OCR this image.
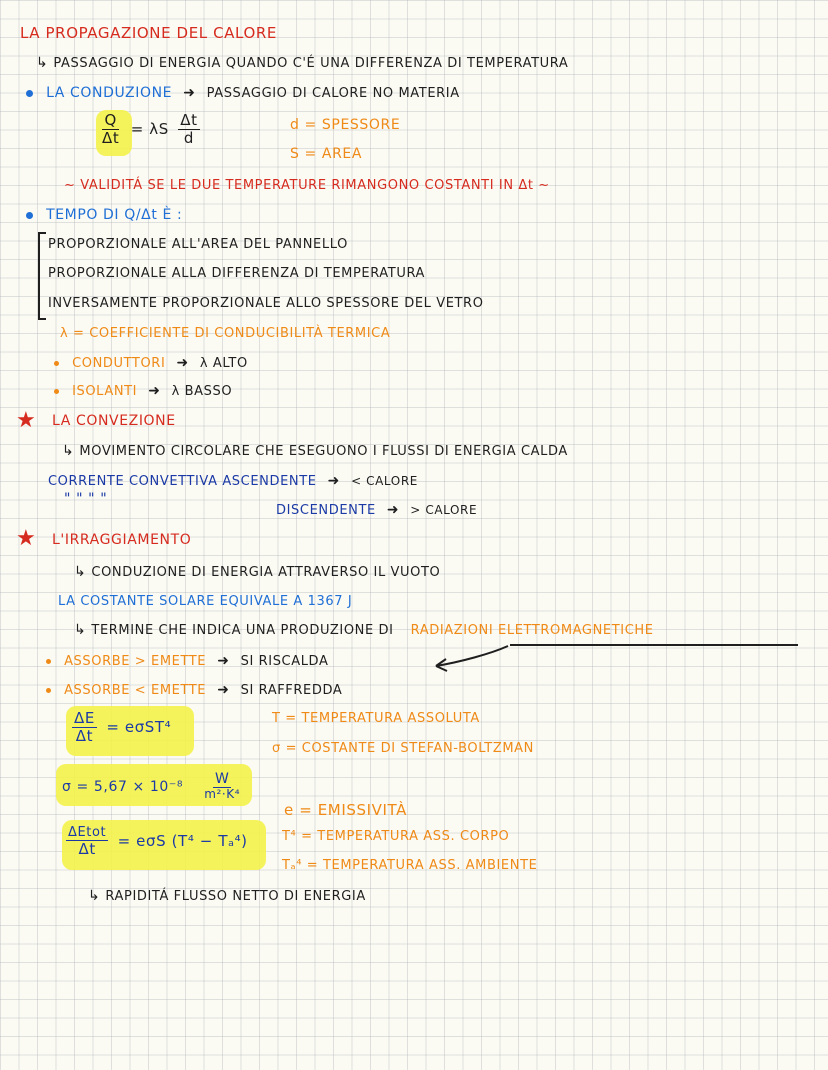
LA PROPAGAZIONE DEL CALORE
↳ PASSAGGIO DI ENERGIA QUANDO C'É UNA DIFFERENZA DI TEMPERATURA
LA CONDUZIONE ➜ PASSAGGIO DI CALORE NO MATERIA
$\frac{Q}{\Delta t} = \lambda S \frac{\Delta t}{d}$	d = SPESSORE
S = AREA
~ VALIDITÁ SE LE DUE TEMPERATURE RIMANGONO COSTANTI IN Δt ~
TEMPO DI Q/Δt È :
PROPORZIONALE ALL'AREA DEL PANNELLO
PROPORZIONALE ALLA DIFFERENZA DI TEMPERATURA
INVERSAMENTE PROPORZIONALE ALLO SPESSORE DEL VETRO
λ = COEFFICIENTE DI CONDUCIBILITÀ TERMICA
CONDUTTORI ➜ λ ALTO
ISOLANTI ➜ λ BASSO
★ LA CONVEZIONE
↳ MOVIMENTO CIRCOLARE CHE ESEGUONO I FLUSSI DI ENERGIA CALDA
CORRENTE CONVETTIVA ASCENDENTE ➜ < CALORE
" " " "
DISCENDENTE ➜ > CALORE
★ L'IRRAGGIAMENTO
↳ CONDUZIONE DI ENERGIA ATTRAVERSO IL VUOTO
LA COSTANTE SOLARE EQUIVALE A 1367 J
↳ TERMINE CHE INDICA UNA PRODUZIONE DI RADIAZIONI ELETTROMAGNETICHE
ASSORBE > EMETTE ➜ SI RISCALDA
ASSORBE < EMETTE ➜ SI RAFFREDDA
$\frac{\Delta E}{\Delta t} = e\sigma ST^4$	T = TEMPERATURA ASSOLUTA
σ = COSTANTE DI STEFAN-BOLTZMAN
$\sigma = 5,67 \times 10^{-8} \frac{W}{\text{m²·K⁴}}$
e = EMISSIVITÀ
$\frac{\text{ΔEtot}}{\Delta t} = e\sigma S$ (T⁴ − Tₐ⁴)	T⁴ = TEMPERATURA ASS. CORPO
Tₐ⁴ = TEMPERATURA ASS. AMBIENTE
↳ RAPIDITÁ FLUSSO NETTO DI ENERGIA
